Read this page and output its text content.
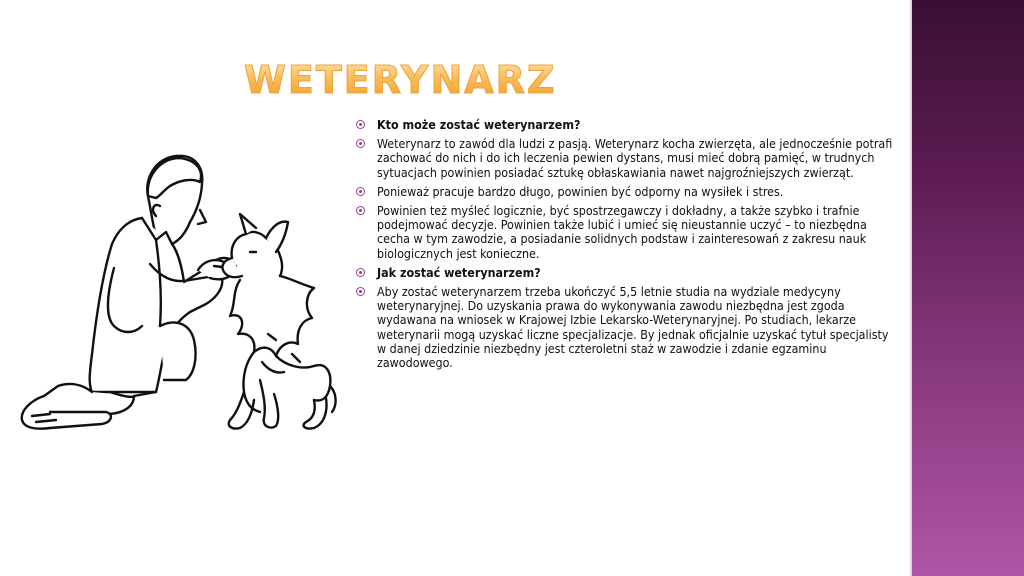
WETERYNARZ
Kto może zostać weterynarzem?
Weterynarz to zawód dla ludzi z pasją. Weterynarz kocha zwierzęta, ale jednocześnie potrafi zachować do nich i do ich leczenia pewien dystans, musi mieć dobrą pamięć, w trudnych sytuacjach powinien posiadać sztukę obłaskawiania nawet najgroźniejszych zwierząt.
Ponieważ pracuje bardzo długo, powinien być odporny na wysiłek i stres.
Powinien też myśleć logicznie, być spostrzegawczy i dokładny, a także szybko i trafnie podejmować decyzje. Powinien także lubić i umieć się nieustannie uczyć – to niezbędna cecha w tym zawodzie, a posiadanie solidnych podstaw i zainteresowań z zakresu nauk biologicznych jest konieczne.
Jak zostać weterynarzem?
Aby zostać weterynarzem trzeba ukończyć 5,5 letnie studia na wydziale medycyny weterynaryjnej. Do uzyskania prawa do wykonywania zawodu niezbędna jest zgoda wydawana na wniosek w Krajowej Izbie Lekarsko-Weterynaryjnej. Po studiach, lekarze weterynarii mogą uzyskać liczne specjalizacje. By jednak oficjalnie uzyskać tytuł specjalisty w danej dziedzinie niezbędny jest czteroletni staż w zawodzie i zdanie egzaminu zawodowego.
